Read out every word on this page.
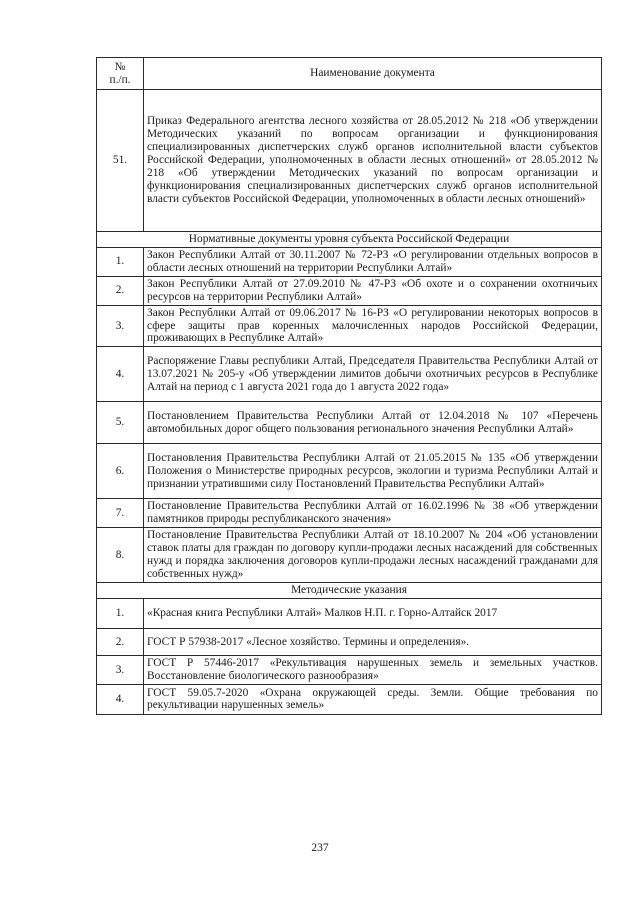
№
п./п.	Наименование документа
51.	Приказ Федерального агентства лесного хозяйства от 28.05.2012 № 218 «Об утверждении Методических указаний по вопросам организации и функционирования специализированных диспетчерских служб органов исполнительной власти субъектов Российской Федерации, уполномоченных в области лесных отношений» от 28.05.2012 № 218 «Об утверждении Методических указаний по вопросам организации и функционирования специализированных диспетчерских служб органов исполнительной власти субъектов Российской Федерации, уполномоченных в области лесных отношений»
Нормативные документы уровня субъекта Российской Федерации	
1.	Закон Республики Алтай от 30.11.2007 № 72-РЗ «О регулировании отдельных вопросов в области лесных отношений на территории Республики Алтай»
2.	Закон Республики Алтай от 27.09.2010 № 47-РЗ «Об охоте и о сохранении охотничьих ресурсов на территории Республики Алтай»
3.	Закон Республики Алтай от 09.06.2017 № 16-РЗ «О регулировании некоторых вопросов в сфере защиты прав коренных малочисленных народов Российской Федерации, проживающих в Республике Алтай»
4.	Распоряжение Главы республики Алтай, Председателя Правительства Республики Алтай от 13.07.2021 № 205-у «Об утверждении лимитов добычи охотничьих ресурсов в Республике Алтай на период с 1 августа 2021 года до 1 августа 2022 года»
5.	Постановлением Правительства Республики Алтай от 12.04.2018 № 107 «Перечень автомобильных дорог общего пользования регионального значения Республики Алтай»
6.	Постановления Правительства Республики Алтай от 21.05.2015 № 135 «Об утверждении Положения о Министерстве природных ресурсов, экологии и туризма Республики Алтай и признании утратившими силу Постановлений Правительства Республики Алтай»
7.	Постановление Правительства Республики Алтай от 16.02.1996 № 38 «Об утверждении памятников природы республиканского значения»
8.	Постановление Правительства Республики Алтай от 18.10.2007 № 204 «Об установлении ставок платы для граждан по договору купли-продажи лесных насаждений для собственных нужд и порядка заключения договоров купли-продажи лесных насаждений гражданами для собственных нужд»
Методические указания	
1.	«Красная книга Республики Алтай» Малков Н.П. г. Горно-Алтайск 2017
2.	ГОСТ Р 57938-2017 «Лесное хозяйство. Термины и определения».
3.	ГОСТ Р 57446-2017 «Рекультивация нарушенных земель и земельных участков. Восстановление биологического разнообразия»
4.	ГОСТ 59.05.7-2020 «Охрана окружающей среды. Земли. Общие требования по рекультивации нарушенных земель»
237
